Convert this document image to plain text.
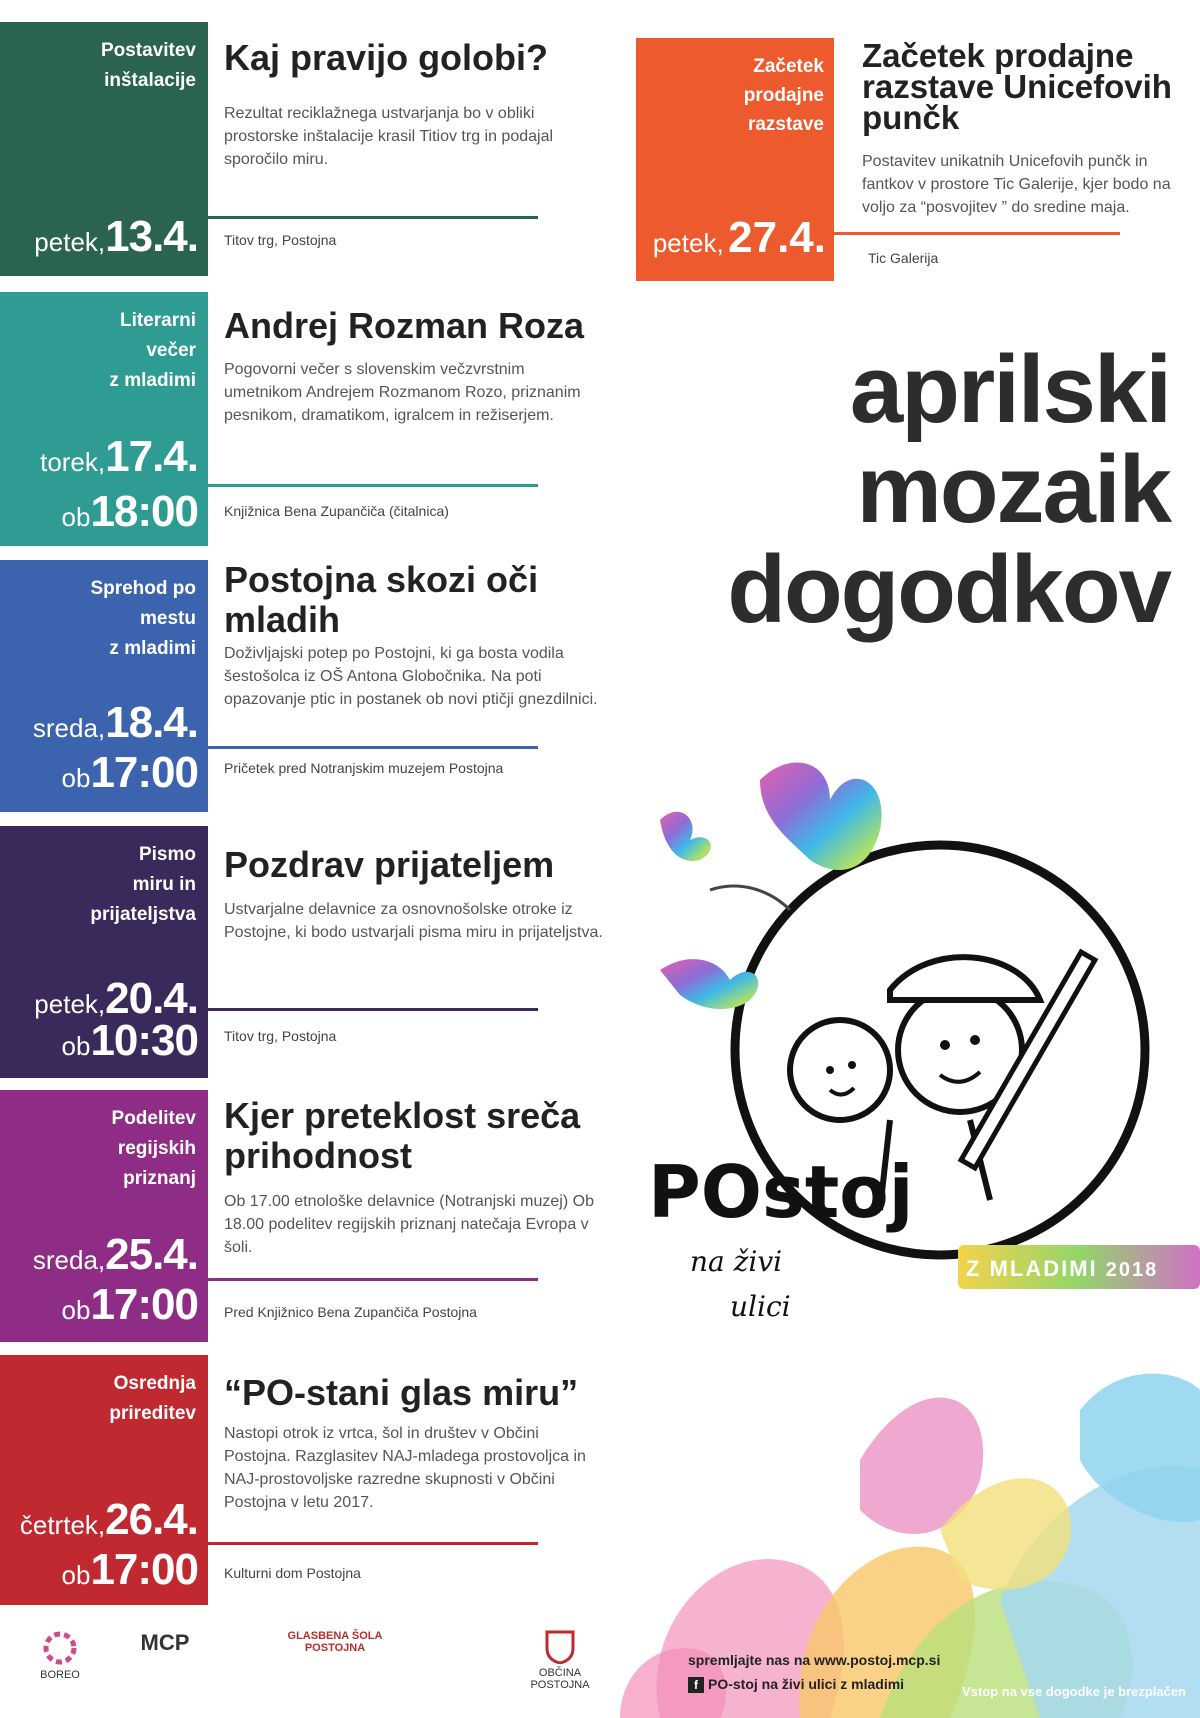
Postavitev
inštalacije
petek,13.4.
Kaj pravijo golobi?
Rezultat reciklažnega ustvarjanja bo v obliki prostorske inštalacije krasil Titiov trg in podajal sporočilo miru.
Titov trg, Postojna
Literarni
večer
z mladimi
torek,17.4.
ob18:00
Andrej Rozman Roza
Pogovorni večer s slovenskim večzvrstnim umetnikom Andrejem Rozmanom Rozo, priznanim pesnikom, dramatikom, igralcem in režiserjem.
Knjižnica Bena Zupančiča (čitalnica)
Sprehod po
mestu
z mladimi
sreda,18.4.
ob17:00
Postojna skozi oči mladih
Doživljajski potep po Postojni, ki ga bosta vodila šestošolca iz OŠ Antona Globočnika. Na poti opazovanje ptic in postanek ob novi ptičji gnezdilnici.
Pričetek pred Notranjskim muzejem Postojna
Pismo
miru in
prijateljstva
petek,20.4.
ob10:30
Pozdrav prijateljem
Ustvarjalne delavnice za osnovnošolske otroke iz Postojne, ki bodo ustvarjali pisma miru in prijateljstva.
Titov trg, Postojna
Podelitev
regijskih
priznanj
sreda,25.4.
ob17:00
Kjer preteklost sreča prihodnost
Ob 17.00 etnološke delavnice (Notranjski muzej) Ob 18.00 podelitev regijskih priznanj natečaja Evropa v šoli.
Pred Knjižnico Bena Zupančiča Postojna
Osrednja
prireditev
četrtek,26.4.
ob17:00
“PO-stani glas miru”
Nastopi otrok iz vrtca, šol in društev v Občini Postojna. Razglasitev NAJ-mladega prostovoljca in NAJ-prostovoljske razredne skupnosti v Občini Postojna v letu 2017.
Kulturni dom Postojna
Začetek
prodajne
razstave
petek, 27.4.
Začetek prodajne razstave Unicefovih punčk
Postavitev unikatnih Unicefovih punčk in fantkov v prostore Tic Galerije, kjer bodo na voljo za “posvojitev ” do sredine maja.
Tic Galerija
aprilski
mozaik
dogodkov
POstoj
na živi
ulici
Z MLADIMI 2018
BOREO
MCP	GLASBENA ŠOLA POSTOJNA
OBČINA POSTOJNA
spremljajte nas na www.postoj.mcp.si
f PO-stoj na živi ulici z mladimi	Vstop na vse dogodke je brezplačen
